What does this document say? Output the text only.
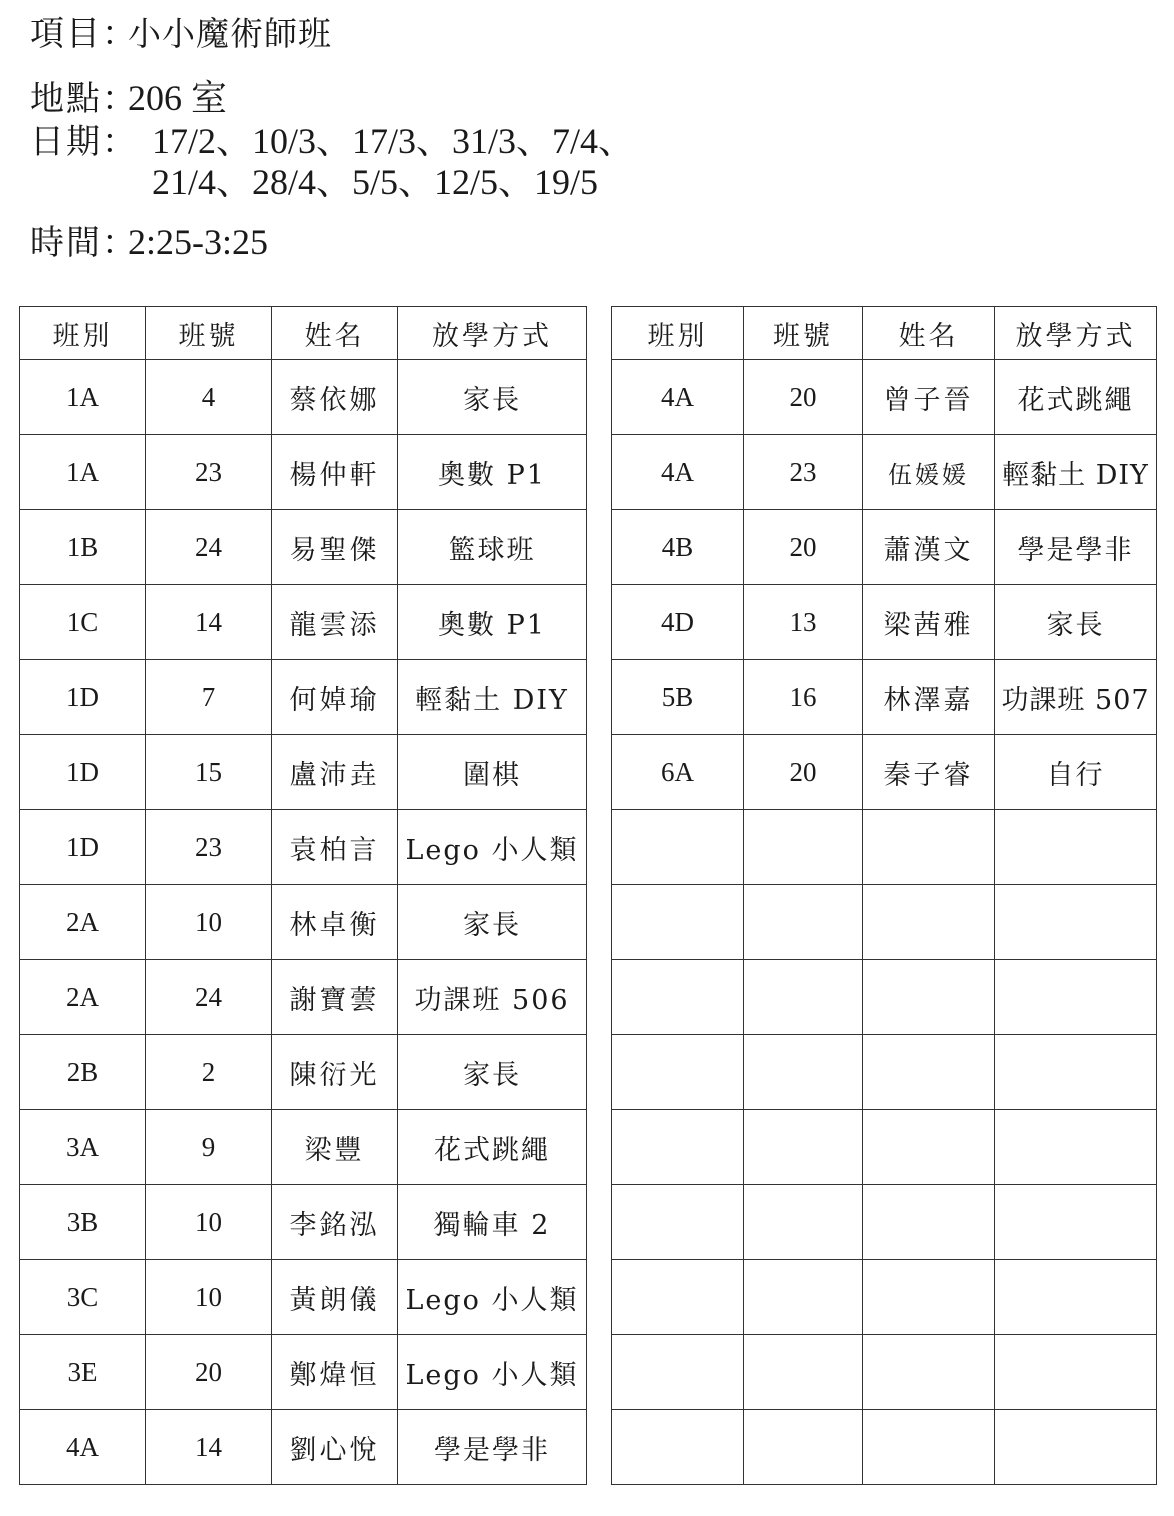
項目：小小魔術師班
地點：206 室
日期： 17/2、10/3、17/3、31/3、7/4、
21/4、28/4、5/5、12/5、19/5
時間：2:25-3:25
班別	班號	姓名	放學方式
1A	4	蔡依娜	家長
1A	23	楊仲軒	奧數 P1
1B	24	易聖傑	籃球班
1C	14	龍雲添	奧數 P1
1D	7	何婥瑜	輕黏土 DIY
1D	15	盧沛垚	圍棋
1D	23	袁柏言	Lego 小人類
2A	10	林卓衡	家長
2A	24	謝寶蕓	功課班 506
2B	2	陳衍光	家長
3A	9	梁豐	花式跳繩
3B	10	李銘泓	獨輪車 2
3C	10	黃朗儀	Lego 小人類
3E	20	鄭煒恒	Lego 小人類
4A	14	劉心悅	學是學非
班別	班號	姓名	放學方式
4A	20	曾子晉	花式跳繩
4A	23	伍媛媛	輕黏土 DIY
4B	20	蕭漢文	學是學非
4D	13	梁茜雅	家長
5B	16	林澤嘉	功課班 507
6A	20	秦子睿	自行
